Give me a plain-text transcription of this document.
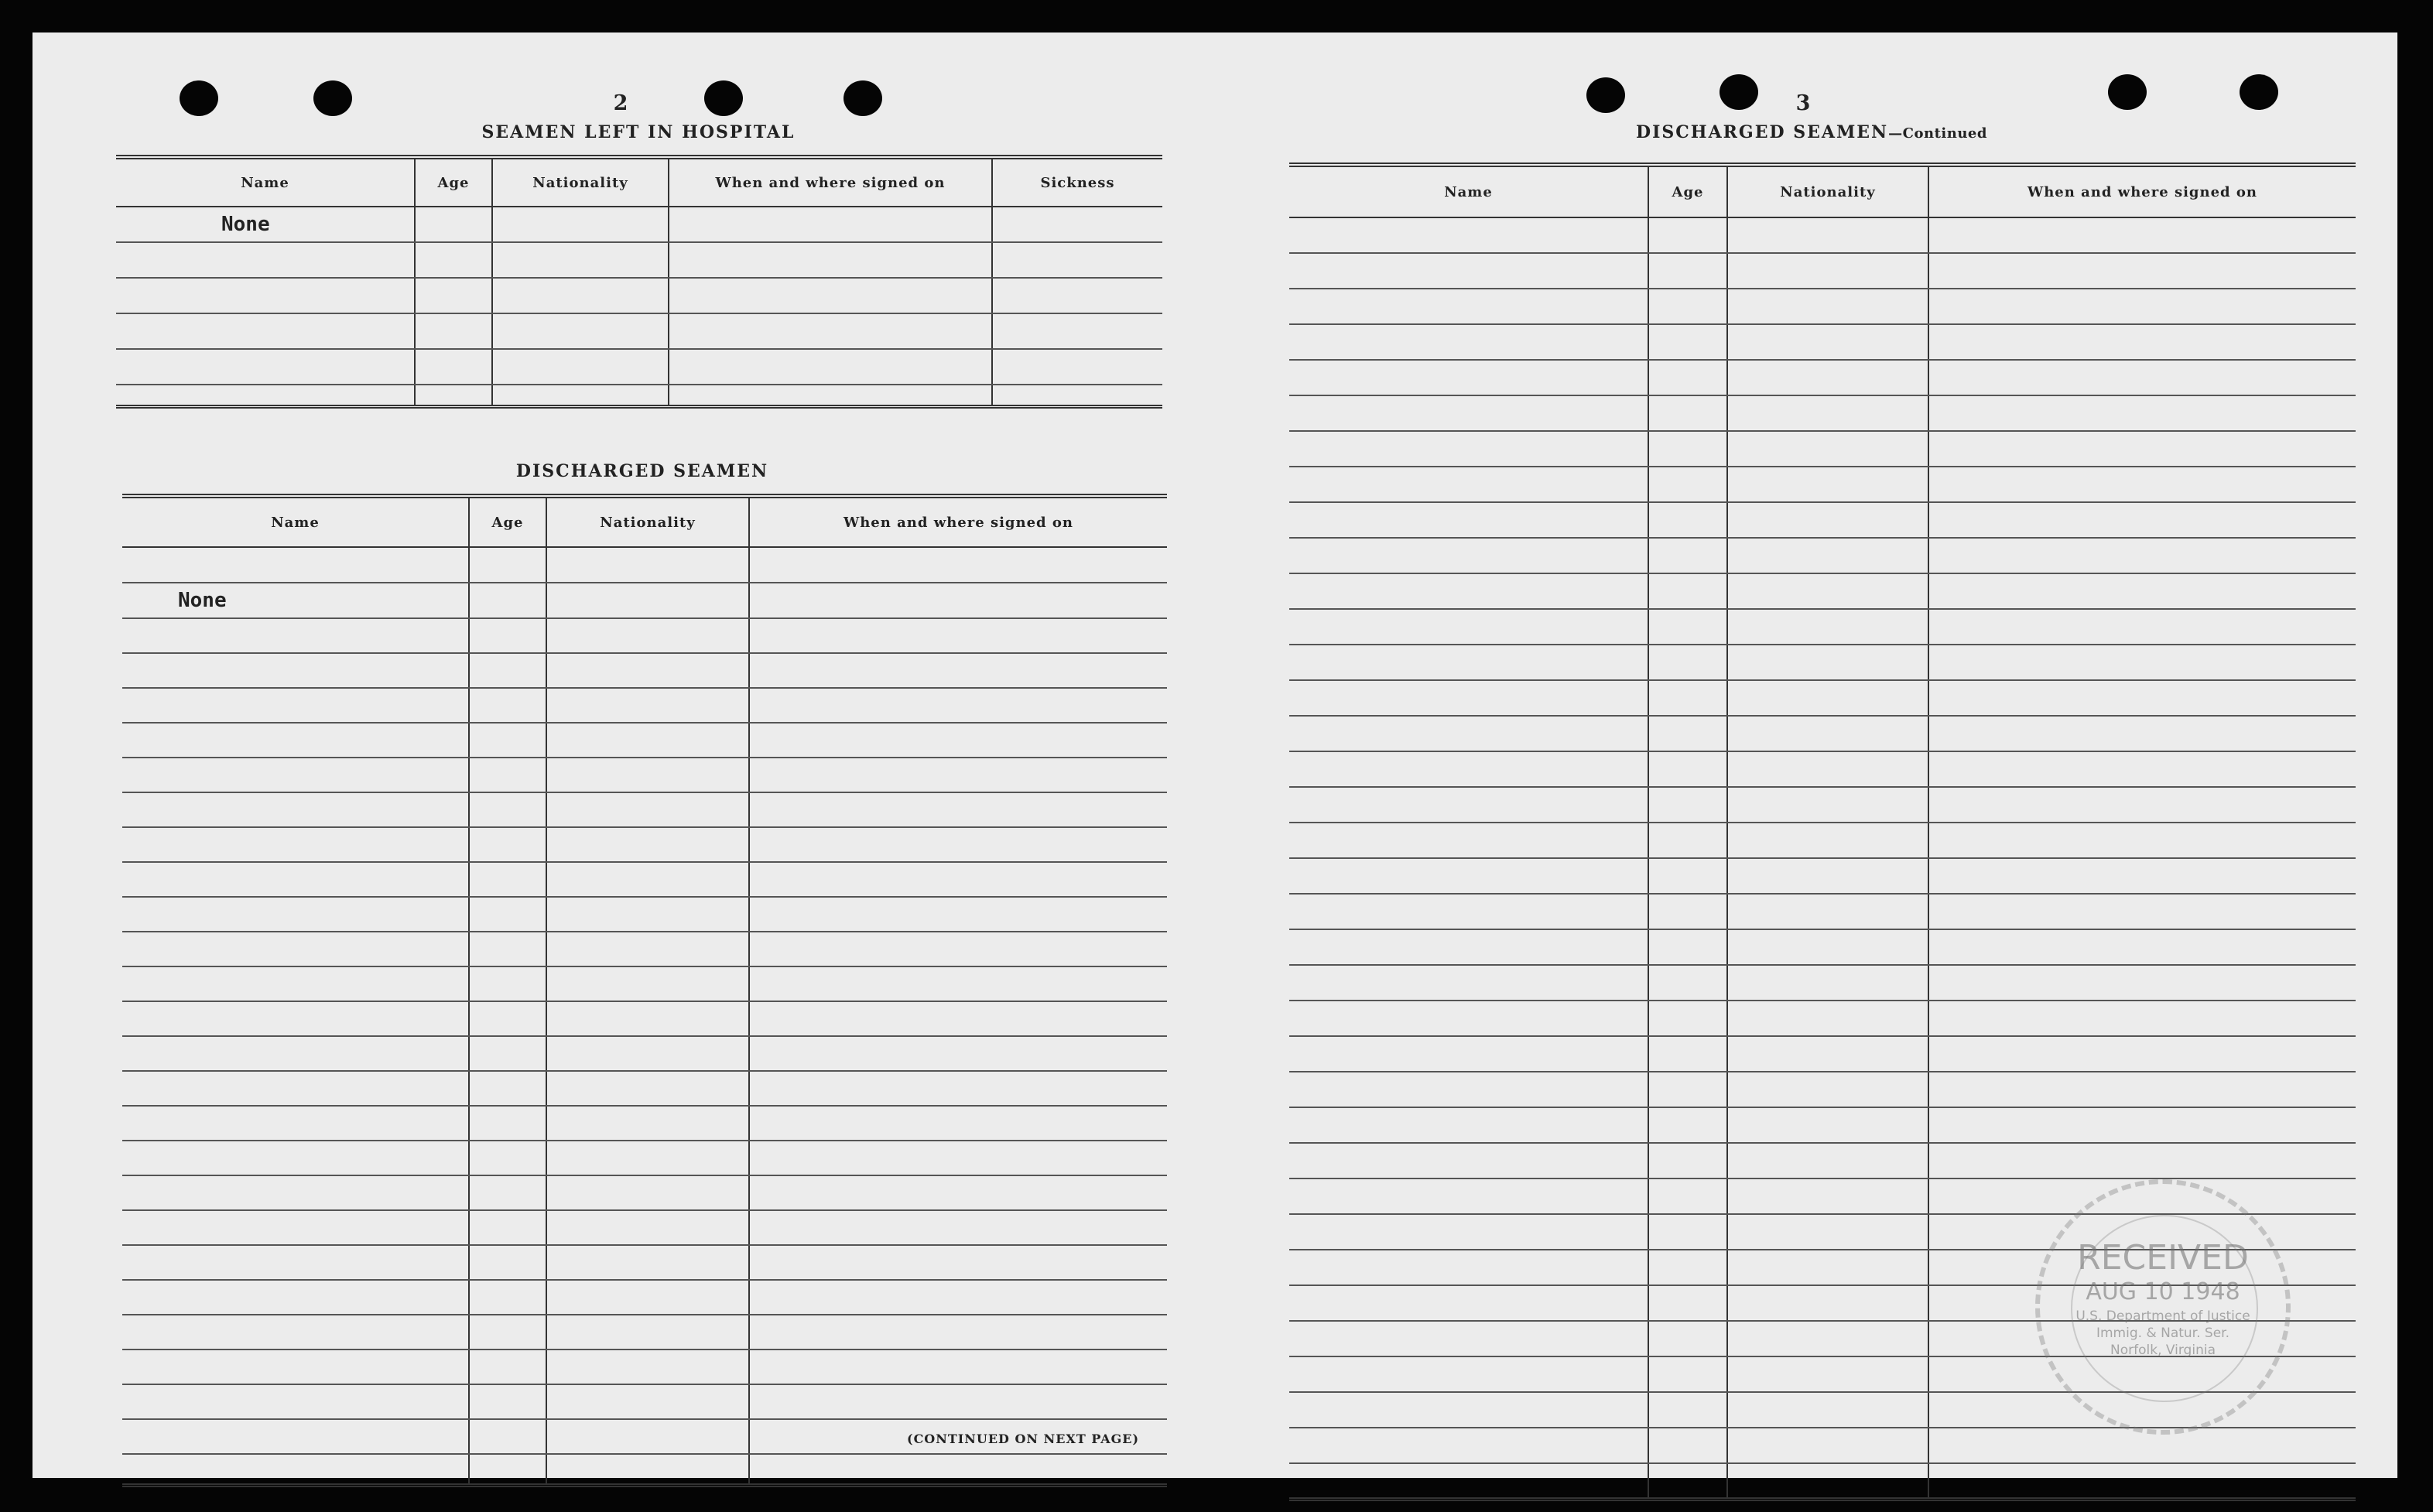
2
SEAMEN LEFT IN HOSPITAL
Name	Age	Nationality	When and where signed on	Sickness
None				

DISCHARGED SEAMEN
Name	Age	Nationality	When and where signed on

None			

(CONTINUED ON NEXT PAGE)
3
DISCHARGED SEAMEN—Continued
Name	Age	Nationality	When and where signed on

RECEIVED
AUG 10 1948
U.S. Department of Justice
Immig. & Natur. Ser.
Norfolk, Virginia
